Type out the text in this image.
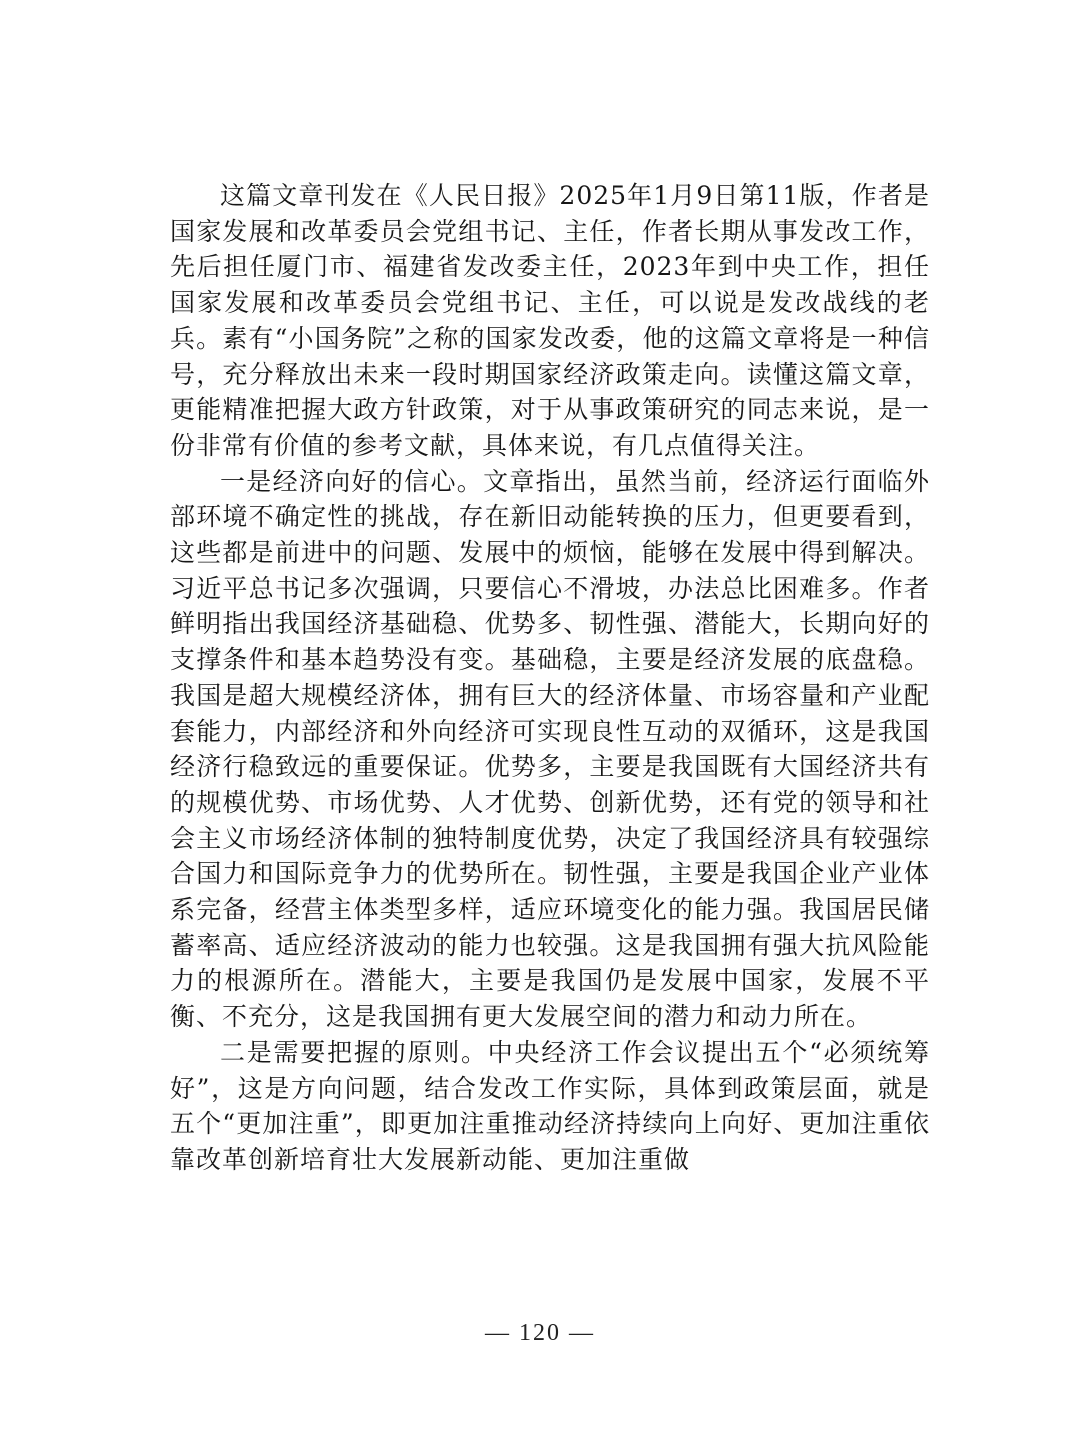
这篇文章刊发在《人民日报》2025年1月9日第11版，作者是国家发展和改革委员会党组书记、主任，作者长期从事发改工作，先后担任厦门市、福建省发改委主任，2023年到中央工作，担任国家发展和改革委员会党组书记、主任，可以说是发改战线的老兵。素有“小国务院”之称的国家发改委，他的这篇文章将是一种信号，充分释放出未来一段时期国家经济政策走向。读懂这篇文章，更能精准把握大政方针政策，对于从事政策研究的同志来说，是一份非常有价值的参考文献，具体来说，有几点值得关注。

一是经济向好的信心。文章指出，虽然当前，经济运行面临外部环境不确定性的挑战，存在新旧动能转换的压力，但更要看到，这些都是前进中的问题、发展中的烦恼，能够在发展中得到解决。习近平总书记多次强调，只要信心不滑坡，办法总比困难多。作者鲜明指出我国经济基础稳、优势多、韧性强、潜能大，长期向好的支撑条件和基本趋势没有变。基础稳，主要是经济发展的底盘稳。我国是超大规模经济体，拥有巨大的经济体量、市场容量和产业配套能力，内部经济和外向经济可实现良性互动的双循环，这是我国经济行稳致远的重要保证。优势多，主要是我国既有大国经济共有的规模优势、市场优势、人才优势、创新优势，还有党的领导和社会主义市场经济体制的独特制度优势，决定了我国经济具有较强综合国力和国际竞争力的优势所在。韧性强，主要是我国企业产业体系完备，经营主体类型多样，适应环境变化的能力强。我国居民储蓄率高、适应经济波动的能力也较强。这是我国拥有强大抗风险能力的根源所在。潜能大，主要是我国仍是发展中国家，发展不平衡、不充分，这是我国拥有更大发展空间的潜力和动力所在。

二是需要把握的原则。中央经济工作会议提出五个“必须统筹好”，这是方向问题，结合发改工作实际，具体到政策层面，就是五个“更加注重”，即更加注重推动经济持续向上向好、更加注重依靠改革创新培育壮大发展新动能、更加注重做

— 120 —
